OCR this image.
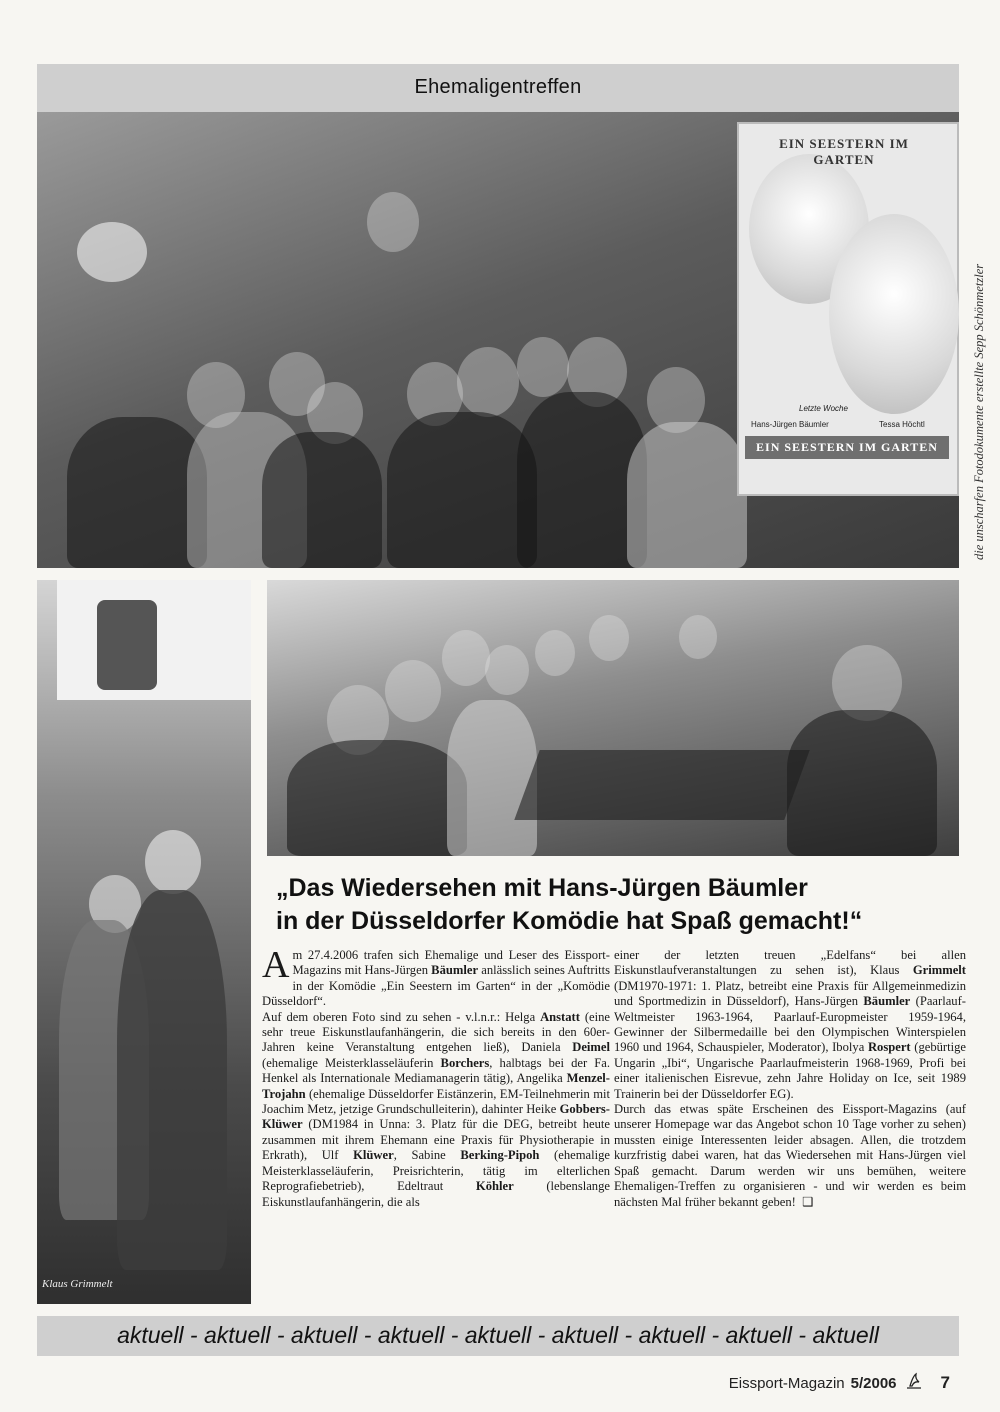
Ehemaligentreffen
EIN SEESTERN IM GARTEN
Letzte Woche
Hans-Jürgen Bäumler	Tessa Höchtl
EIN SEESTERN IM GARTEN	die unscharfen Fotodokumente erstellte Sepp Schönmetzler
Klaus Grimmelt
„Das Wiedersehen mit Hans-Jürgen Bäumler
in der Düsseldorfer Komödie hat Spaß gemacht!“

Am 27.4.2006 trafen sich Ehemalige und Leser des Eissport-Magazins mit Hans-Jürgen Bäumler anlässlich seines Auftritts in der Komödie „Ein Seestern im Garten“ in der „Komödie Düsseldorf“.

Auf dem oberen Foto sind zu sehen - v.l.n.r.: Helga Anstatt (eine sehr treue Eiskunstlaufanhängerin, die sich bereits in den 60er-Jahren keine Veranstaltung entgehen ließ), Daniela Deimel (ehemalige Meisterklasseläuferin Borchers, halbtags bei der Fa. Henkel als Internationale Mediamanagerin tätig), Angelika Menzel-Trojahn (ehemalige Düsseldorfer Eistänzerin, EM-Teilnehmerin mit Joachim Metz, jetzige Grundschulleiterin), dahinter Heike Gobbers-Klüwer (DM1984 in Unna: 3. Platz für die DEG, betreibt heute zusammen mit ihrem Ehemann eine Praxis für Physiotherapie in Erkrath), Ulf Klüwer, Sabine Berking-Pipoh (ehemalige Meisterklasseläuferin, Preisrichterin, tätig im elterlichen Reprografiebetrieb), Edeltraut Köhler (lebenslange Eiskunstlaufanhängerin, die als

einer der letzten treuen „Edelfans“ bei allen Eiskunstlaufveranstaltungen zu sehen ist), Klaus Grimmelt (DM1970-1971: 1. Platz, betreibt eine Praxis für Allgemeinmedizin und Sportmedizin in Düsseldorf), Hans-Jürgen Bäumler (Paarlauf-Weltmeister 1963-1964, Paarlauf-Europmeister 1959-1964, Gewinner der Silbermedaille bei den Olympischen Winterspielen 1960 und 1964, Schauspieler, Moderator), Ibolya Rospert (gebürtige Ungarin „Ibi“, Ungarische Paarlaufmeisterin 1968-1969, Profi bei einer italienischen Eisrevue, zehn Jahre Holiday on Ice, seit 1989 Trainerin bei der Düsseldorfer EG).

Durch das etwas späte Erscheinen des Eissport-Magazins (auf unserer Homepage war das Angebot schon 10 Tage vorher zu sehen) mussten einige Interessenten leider absagen. Allen, die trotzdem kurzfristig dabei waren, hat das Wiedersehen mit Hans-Jürgen viel Spaß gemacht. Darum werden wir uns bemühen, weitere Ehemaligen-Treffen zu organisieren - und wir werden es beim nächsten Mal früher bekannt geben! ❑

aktuell - aktuell - aktuell - aktuell - aktuell - aktuell - aktuell - aktuell - aktuell
Eissport-Magazin 5/2006	7
